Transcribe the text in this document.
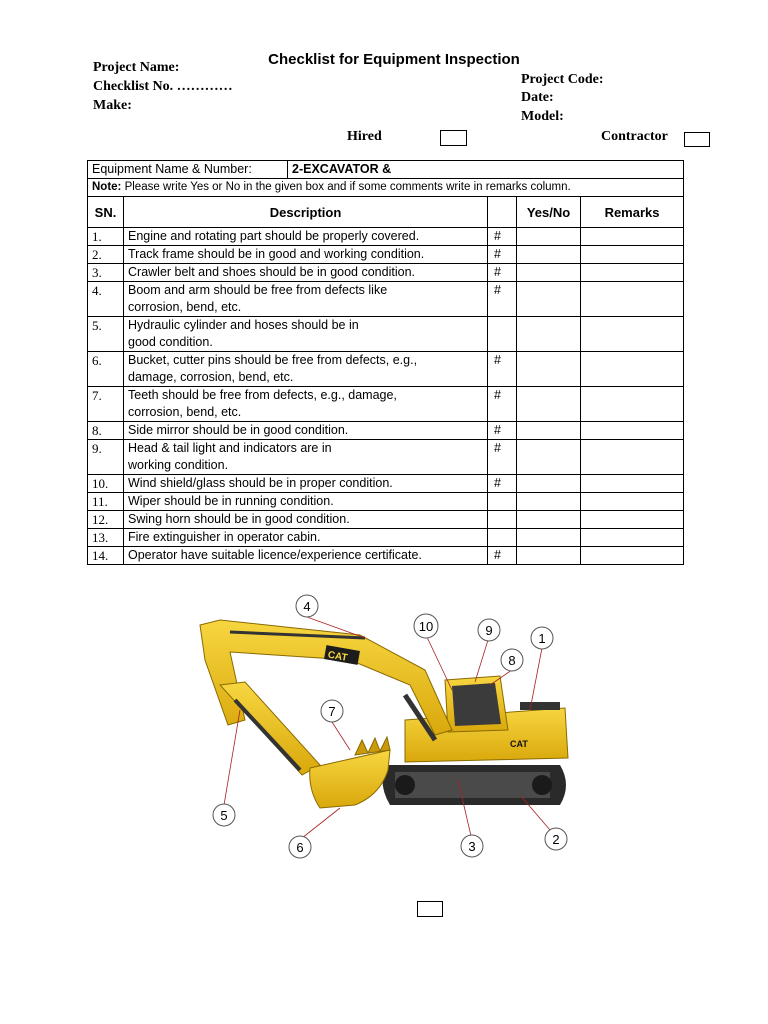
Checklist for Equipment Inspection
Project Name:
Checklist No. …………
Make:
Project Code:
Date:
Model:
Hired	Contractor
Equipment Name & Number:		2-EXCAVATOR &			
Note: Please write Yes or No in the given box and if some comments write in remarks column.					
SN.	Description			Yes/No	Remarks
1.	Engine and rotating part should be properly covered.		#		
2.	Track frame should be in good and working condition.		#		
3.	Crawler belt and shoes should be in good condition.		#		
4.	Boom and arm should be free from defects like
corrosion, bend, etc.		#		
5.	Hydraulic cylinder and hoses should be in
good condition.				
6.	Bucket, cutter pins should be free from defects, e.g.,
damage, corrosion, bend, etc.		#		
7.	Teeth should be free from defects, e.g., damage,
corrosion, bend, etc.		#		
8.	Side mirror should be in good condition.		#		
9.	Head & tail light and indicators are in
working condition.		#		
10.	Wind shield/glass should be in proper condition.		#		
11.	Wiper should be in running condition.				
12.	Swing horn should be in good condition.				
13.	Fire extinguisher in operator cabin.				
14.	Operator have suitable licence/experience certificate.		#		
CAT
CAT
1
2
3
4
5
6
7
8
9
10
